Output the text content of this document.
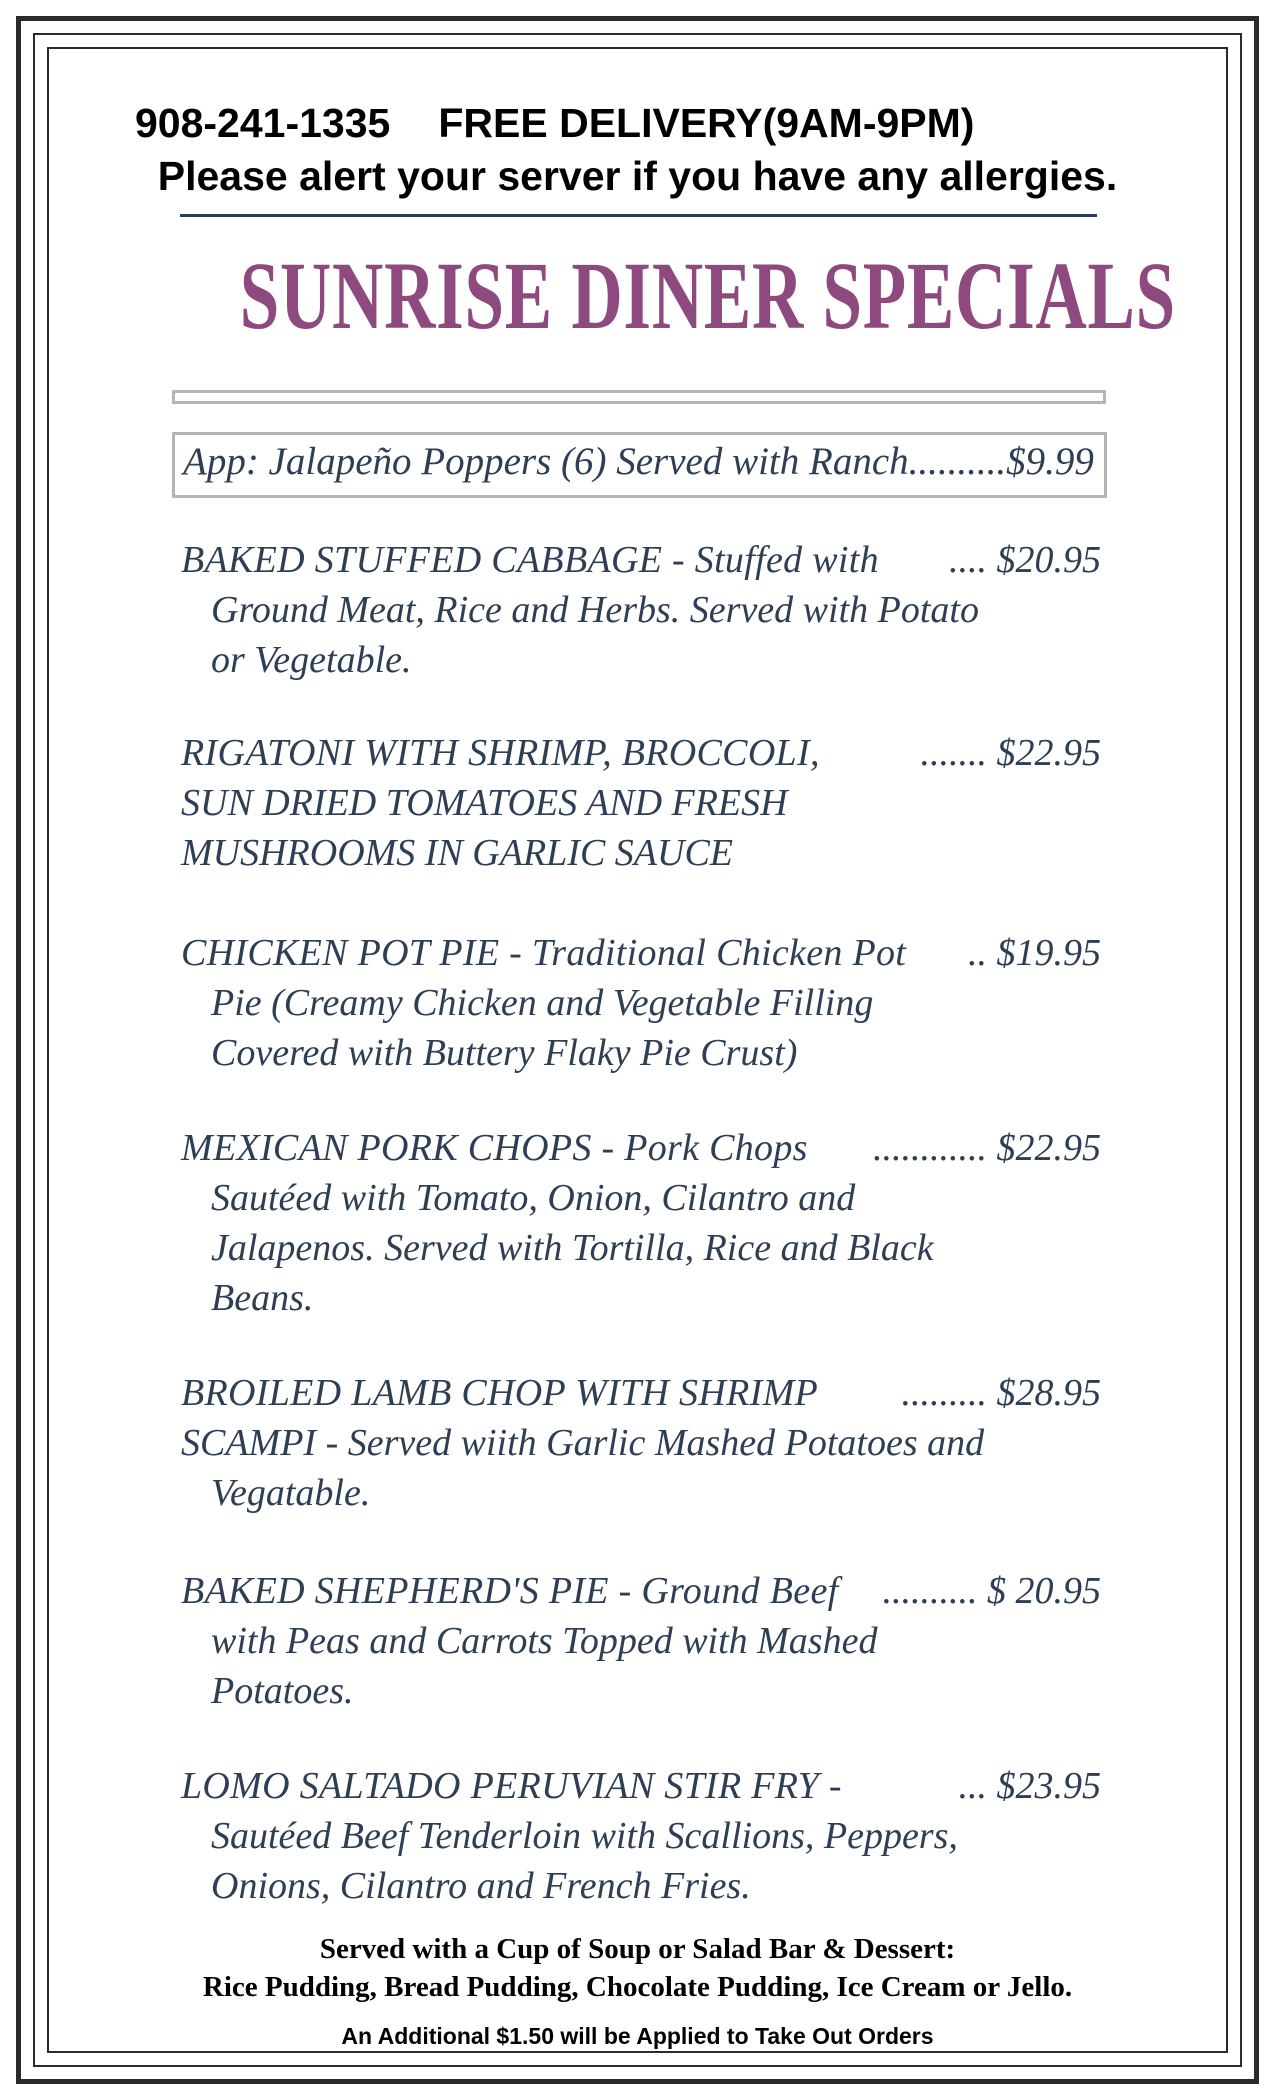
908-241-1335 FREE DELIVERY(9AM-9PM)
Please alert your server if you have any allergies.
SUNRISE DINER SPECIALS
App: Jalapeño Poppers (6) Served with Ranch..........$9.99
BAKED STUFFED CABBAGE - Stuffed with .... $20.95
Ground Meat, Rice and Herbs. Served with Potato
or Vegetable.
RIGATONI WITH SHRIMP, BROCCOLI,	....... $22.95
SUN DRIED TOMATOES AND FRESH
MUSHROOMS IN GARLIC SAUCE
CHICKEN POT PIE - Traditional Chicken Pot .. $19.95
Pie (Creamy Chicken and Vegetable Filling
Covered with Buttery Flaky Pie Crust)
MEXICAN PORK CHOPS - Pork Chops ............ $22.95
Sautéed with Tomato, Onion, Cilantro and
Jalapenos. Served with Tortilla, Rice and Black
Beans.
BROILED LAMB CHOP WITH SHRIMP ......... $28.95
SCAMPI - Served wiith Garlic Mashed Potatoes and
Vegatable.
BAKED SHEPHERD'S PIE - Ground Beef .......... $ 20.95
with Peas and Carrots Topped with Mashed
Potatoes.
LOMO SALTADO PERUVIAN STIR FRY -	... $23.95
Sautéed Beef Tenderloin with Scallions, Peppers,
Onions, Cilantro and French Fries.
Served with a Cup of Soup or Salad Bar & Dessert:
Rice Pudding, Bread Pudding, Chocolate Pudding, Ice Cream or Jello.
An Additional $1.50 will be Applied to Take Out Orders
